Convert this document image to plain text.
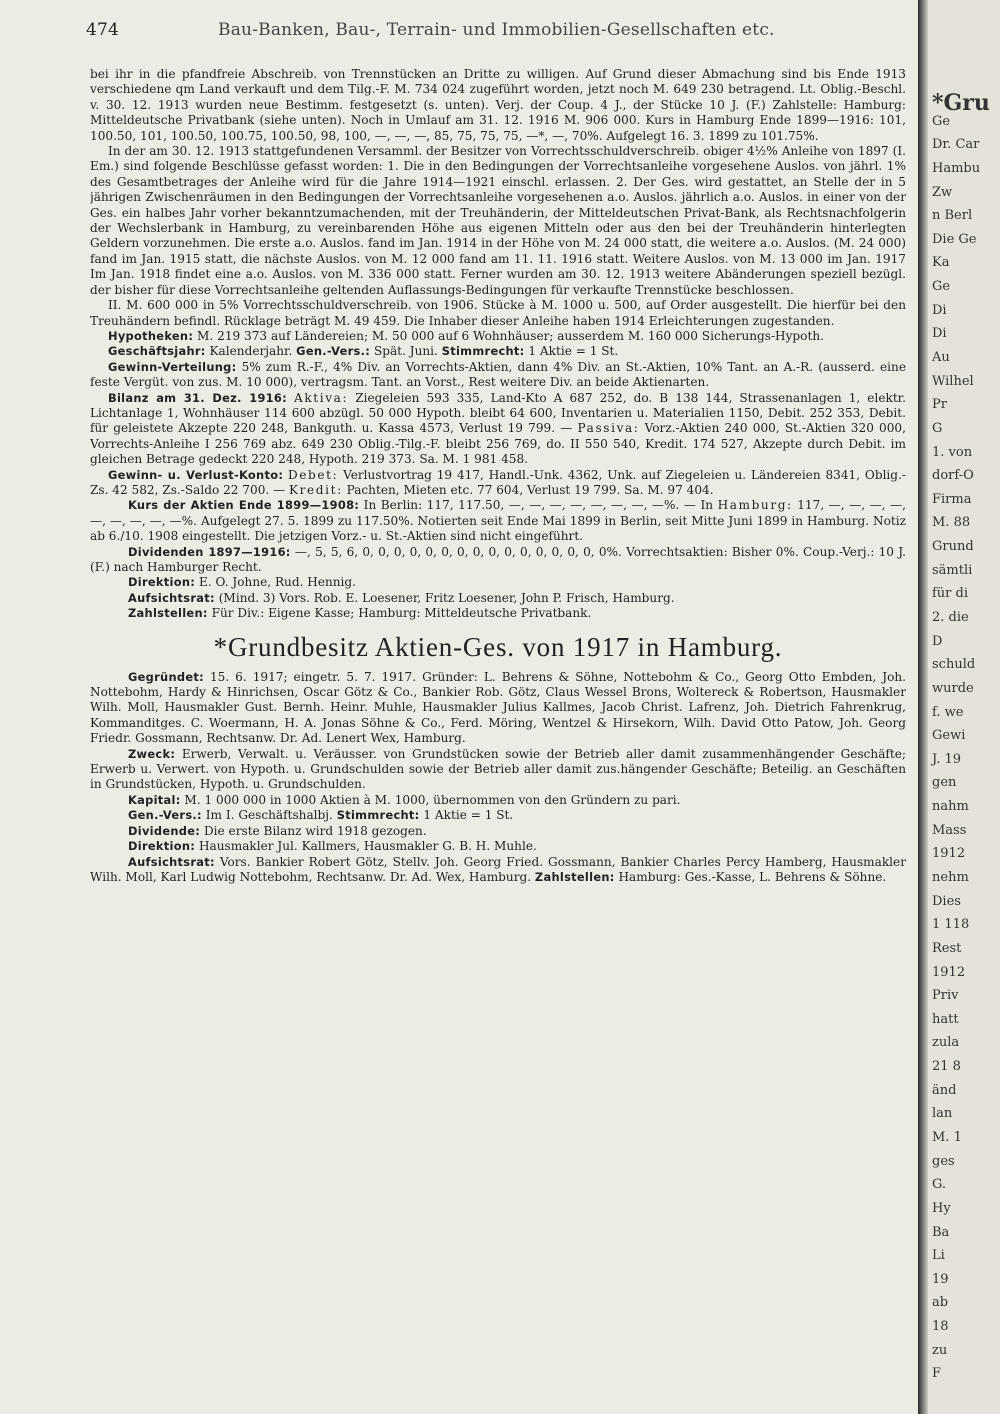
474	Bau-Banken, Bau-, Terrain- und Immobilien-Gesellschaften etc.

bei ihr in die pfandfreie Abschreib. von Trennstücken an Dritte zu willigen. Auf Grund dieser Abmachung sind bis Ende 1913 verschiedene qm Land verkauft und dem Tilg.-F. M. 734 024 zugeführt worden, jetzt noch M. 649 230 betragend. Lt. Oblig.-Beschl. v. 30. 12. 1913 wurden neue Bestimm. festgesetzt (s. unten). Verj. der Coup. 4 J., der Stücke 10 J. (F.) Zahlstelle: Hamburg: Mitteldeutsche Privatbank (siehe unten). Noch in Umlauf am 31. 12. 1916 M. 906 000. Kurs in Hamburg Ende 1899—1916: 101, 100.50, 101, 100.50, 100.75, 100.50, 98, 100, —, —, —, 85, 75, 75, 75, —*, —, 70%. Aufgelegt 16. 3. 1899 zu 101.75%.

In der am 30. 12. 1913 stattgefundenen Versamml. der Besitzer von Vorrechtsschuldverschreib. obiger 4½% Anleihe von 1897 (I. Em.) sind folgende Beschlüsse gefasst worden: 1. Die in den Bedingungen der Vorrechtsanleihe vorgesehene Auslos. von jährl. 1% des Gesamtbetrages der Anleihe wird für die Jahre 1914—1921 einschl. erlassen. 2. Der Ges. wird gestattet, an Stelle der in 5 jährigen Zwischenräumen in den Bedingungen der Vorrechtsanleihe vorgesehenen a.o. Auslos. jährlich a.o. Auslos. in einer von der Ges. ein halbes Jahr vorher bekanntzumachenden, mit der Treuhänderin, der Mitteldeutschen Privat-Bank, als Rechtsnachfolgerin der Wechslerbank in Hamburg, zu vereinbarenden Höhe aus eigenen Mitteln oder aus den bei der Treuhänderin hinterlegten Geldern vorzunehmen. Die erste a.o. Auslos. fand im Jan. 1914 in der Höhe von M. 24 000 statt, die weitere a.o. Auslos. (M. 24 000) fand im Jan. 1915 statt, die nächste Auslos. von M. 12 000 fand am 11. 11. 1916 statt. Weitere Auslos. von M. 13 000 im Jan. 1917 Im Jan. 1918 findet eine a.o. Auslos. von M. 336 000 statt. Ferner wurden am 30. 12. 1913 weitere Abänderungen speziell bezügl. der bisher für diese Vorrechtsanleihe geltenden Auflassungs-Bedingungen für verkaufte Trennstücke beschlossen.

II. M. 600 000 in 5% Vorrechtsschuldverschreib. von 1906. Stücke à M. 1000 u. 500, auf Order ausgestellt. Die hierfür bei den Treuhändern befindl. Rücklage beträgt M. 49 459. Die Inhaber dieser Anleihe haben 1914 Erleichterungen zugestanden.

Hypotheken: M. 219 373 auf Ländereien; M. 50 000 auf 6 Wohnhäuser; ausserdem M. 160 000 Sicherungs-Hypoth.

Geschäftsjahr: Kalenderjahr. Gen.-Vers.: Spät. Juni. Stimmrecht: 1 Aktie = 1 St.

Gewinn-Verteilung: 5% zum R.-F., 4% Div. an Vorrechts-Aktien, dann 4% Div. an St.-Aktien, 10% Tant. an A.-R. (ausserd. eine feste Vergüt. von zus. M. 10 000), vertragsm. Tant. an Vorst., Rest weitere Div. an beide Aktienarten.

Bilanz am 31. Dez. 1916: Aktiva: Ziegeleien 593 335, Land-Kto A 687 252, do. B 138 144, Strassenanlagen 1, elektr. Lichtanlage 1, Wohnhäuser 114 600 abzügl. 50 000 Hypoth. bleibt 64 600, Inventarien u. Materialien 1150, Debit. 252 353, Debit. für geleistete Akzepte 220 248, Bankguth. u. Kassa 4573, Verlust 19 799. — Passiva: Vorz.-Aktien 240 000, St.-Aktien 320 000, Vorrechts-Anleihe I 256 769 abz. 649 230 Oblig.-Tilg.-F. bleibt 256 769, do. II 550 540, Kredit. 174 527, Akzepte durch Debit. im gleichen Betrage gedeckt 220 248, Hypoth. 219 373. Sa. M. 1 981 458.

Gewinn- u. Verlust-Konto: Debet: Verlustvortrag 19 417, Handl.-Unk. 4362, Unk. auf Ziegeleien u. Ländereien 8341, Oblig.-Zs. 42 582, Zs.-Saldo 22 700. — Kredit: Pachten, Mieten etc. 77 604, Verlust 19 799. Sa. M. 97 404.

Kurs der Aktien Ende 1899—1908: In Berlin: 117, 117.50, —, —, —, —, —, —, —, —%. — In Hamburg: 117, —, —, —, —, —, —, —, —, —%. Aufgelegt 27. 5. 1899 zu 117.50%. Notierten seit Ende Mai 1899 in Berlin, seit Mitte Juni 1899 in Hamburg. Notiz ab 6./10. 1908 eingestellt. Die jetzigen Vorz.- u. St.-Aktien sind nicht eingeführt.

Dividenden 1897—1916: —, 5, 5, 6, 0, 0, 0, 0, 0, 0, 0, 0, 0, 0, 0, 0, 0, 0, 0, 0%. Vorrechtsaktien: Bisher 0%. Coup.-Verj.: 10 J. (F.) nach Hamburger Recht.

Direktion: E. O. Johne, Rud. Hennig.

Aufsichtsrat: (Mind. 3) Vors. Rob. E. Loesener, Fritz Loesener, John P. Frisch, Hamburg.

Zahlstellen: Für Div.: Eigene Kasse; Hamburg: Mitteldeutsche Privatbank.

*Grundbesitz Aktien-Ges. von 1917 in Hamburg.

Gegründet: 15. 6. 1917; eingetr. 5. 7. 1917. Gründer: L. Behrens & Söhne, Nottebohm & Co., Georg Otto Embden, Joh. Nottebohm, Hardy & Hinrichsen, Oscar Götz & Co., Bankier Rob. Götz, Claus Wessel Brons, Woltereck & Robertson, Hausmakler Wilh. Moll, Hausmakler Gust. Bernh. Heinr. Muhle, Hausmakler Julius Kallmes, Jacob Christ. Lafrenz, Joh. Dietrich Fahrenkrug, Kommanditges. C. Woermann, H. A. Jonas Söhne & Co., Ferd. Möring, Wentzel & Hirsekorn, Wilh. David Otto Patow, Joh. Georg Friedr. Gossmann, Rechtsanw. Dr. Ad. Lenert Wex, Hamburg.

Zweck: Erwerb, Verwalt. u. Veräusser. von Grundstücken sowie der Betrieb aller damit zusammenhängender Geschäfte; Erwerb u. Verwert. von Hypoth. u. Grundschulden sowie der Betrieb aller damit zus.hängender Geschäfte; Beteilig. an Geschäften in Grundstücken, Hypoth. u. Grundschulden.

Kapital: M. 1 000 000 in 1000 Aktien à M. 1000, übernommen von den Gründern zu pari.

Gen.-Vers.: Im I. Geschäftshalbj. Stimmrecht: 1 Aktie = 1 St.

Dividende: Die erste Bilanz wird 1918 gezogen.

Direktion: Hausmakler Jul. Kallmers, Hausmakler G. B. H. Muhle.

Aufsichtsrat: Vors. Bankier Robert Götz, Stellv. Joh. Georg Fried. Gossmann, Bankier Charles Percy Hamberg, Hausmakler Wilh. Moll, Karl Ludwig Nottebohm, Rechtsanw. Dr. Ad. Wex, Hamburg. Zahlstellen: Hamburg: Ges.-Kasse, L. Behrens & Söhne.

*Gru
Ge
Dr. Car
Hambu
Zw
n Berl
Die Ge
Ka
Ge
Di
Di
Au
Wilhel
Pr
G
1. von
dorf-O
Firma
M. 88
Grund
sämtli
für di
2. die
D
schuld
wurde
f. we
Gewi
J. 19
gen
nahm
Mass
1912
nehm
Dies
1 118
Rest
1912
Priv
hatt
zula
21 8
änd
lan
M. 1
ges
G.
Hy
Ba
Li
19
ab
18
zu
F
